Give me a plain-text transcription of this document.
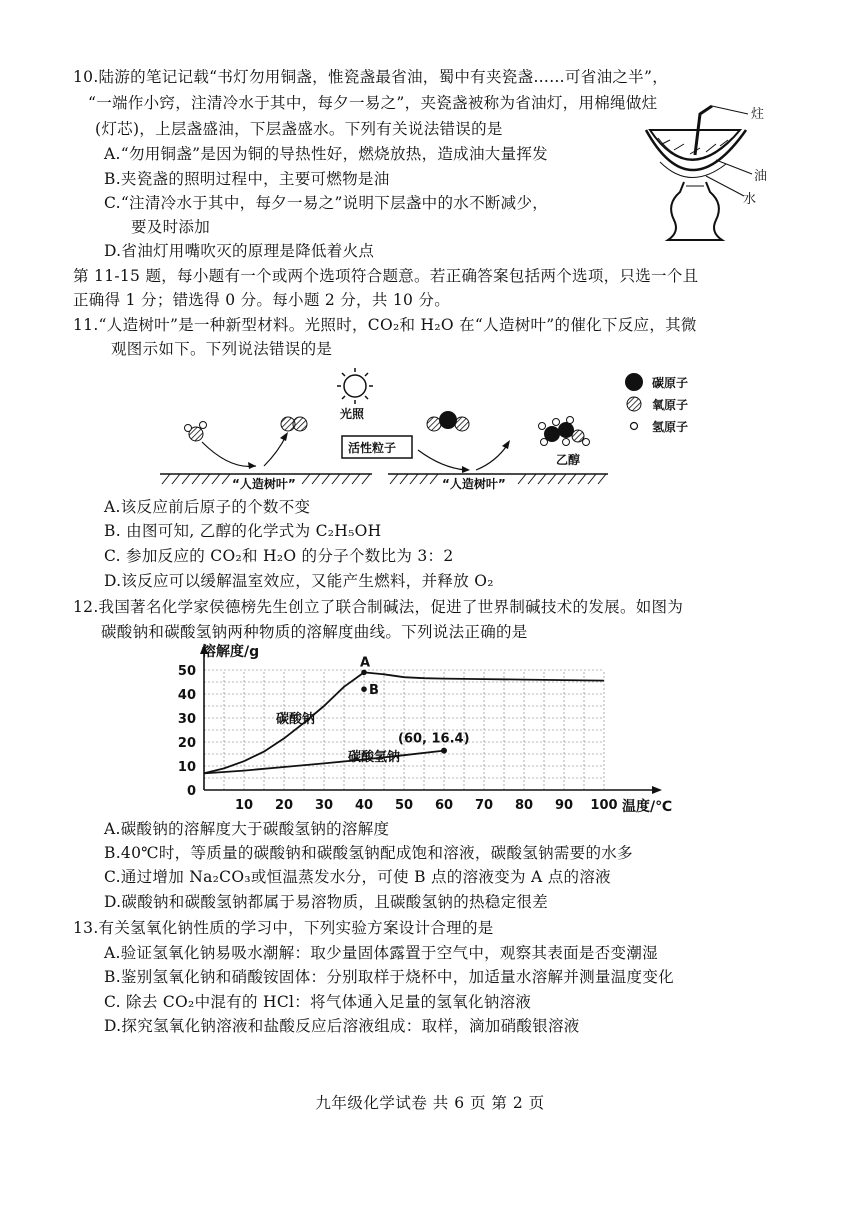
10.陆游的笔记记载“书灯勿用铜盏，惟瓷盏最省油，蜀中有夹瓷盏……可省油之半”，
“一端作小窍，注清冷水于其中，每夕一易之”，夹瓷盏被称为省油灯，用棉绳做炷
(灯芯)，上层盏盛油，下层盏盛水。下列有关说法错误的是
A.“勿用铜盏”是因为铜的导热性好，燃烧放热，造成油大量挥发
B.夹瓷盏的照明过程中，主要可燃物是油
C.“注清冷水于其中，每夕一易之”说明下层盏中的水不断减少，
要及时添加
D.省油灯用嘴吹灭的原理是降低着火点
炷
油
水
第 11-15 题，每小题有一个或两个选项符合题意。若正确答案包括两个选项，只选一个且
正确得 1 分；错选得 0 分。每小题 2 分，共 10 分。
11.“人造树叶”是一种新型材料。光照时，CO₂和 H₂O 在“人造树叶”的催化下反应，其微
观图示如下。下列说法错误的是
光照
“人造树叶”	“人造树叶”
活性粒子
乙醇
碳原子
氧原子
氢原子
A.该反应前后原子的个数不变
B. 由图可知, 乙醇的化学式为 C₂H₅OH
C. 参加反应的 CO₂和 H₂O 的分子个数比为 3：2
D.该反应可以缓解温室效应，又能产生燃料，并释放 O₂
12.我国著名化学家侯德榜先生创立了联合制碱法，促进了世界制碱技术的发展。如图为
碳酸钠和碳酸氢钠两种物质的溶解度曲线。下列说法正确的是
溶解度/g
温度/℃
10 20 30 40 50 60 70 80 90 100
0
10
20
30
40
50
碳酸钠
碳酸氢钠
(60, 16.4)
A
B
A.碳酸钠的溶解度大于碳酸氢钠的溶解度
B.40℃时，等质量的碳酸钠和碳酸氢钠配成饱和溶液，碳酸氢钠需要的水多
C.通过增加 Na₂CO₃或恒温蒸发水分，可使 B 点的溶液变为 A 点的溶液
D.碳酸钠和碳酸氢钠都属于易溶物质，且碳酸氢钠的热稳定很差
13.有关氢氧化钠性质的学习中，下列实验方案设计合理的是
A.验证氢氧化钠易吸水潮解：取少量固体露置于空气中，观察其表面是否变潮湿
B.鉴别氢氧化钠和硝酸铵固体：分别取样于烧杯中，加适量水溶解并测量温度变化
C. 除去 CO₂中混有的 HCl：将气体通入足量的氢氧化钠溶液
D.探究氢氧化钠溶液和盐酸反应后溶液组成：取样，滴加硝酸银溶液
九年级化学试卷 共 6 页 第 2 页
